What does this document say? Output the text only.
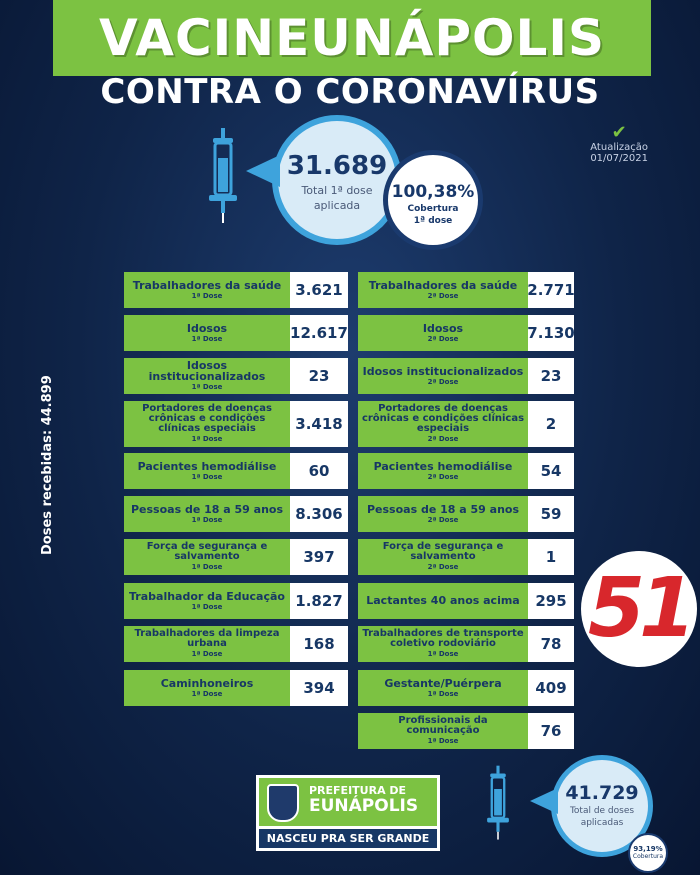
VACINEUNÁPOLIS
CONTRA O CORONAVÍRUS
✔
Atualização
01/07/2021
31.689
Total 1ª dose
aplicada
100,38%
Cobertura
1ª dose
Doses recebidas: 44.899
Trabalhadores da saúde
1ª Dose	3.621
Idosos
1ª Dose	12.617
Idosos institucionalizados
1ª Dose
23
Portadores de doenças crônicas e condições clínicas especiais
1ª Dose
3.418
Pacientes hemodiálise
1ª Dose	60
Pessoas de 18 a 59 anos
1ª Dose	8.306
Força de segurança e salvamento
1ª Dose
397
Trabalhador da Educação
1ª Dose	1.827
Trabalhadores da limpeza urbana
1ª Dose
168
Caminhoneiros
1ª Dose	394
Trabalhadores da saúde
2ª Dose	2.771
Idosos
2ª Dose	7.130
Idosos institucionalizados
2ª Dose	23
Portadores de doenças crônicas e condições clínicas especiais
2ª Dose
2
Pacientes hemodiálise
2ª Dose	54
Pessoas de 18 a 59 anos
2ª Dose	59
Força de segurança e salvamento
2ª Dose
1
Lactantes 40 anos acima	295
Trabalhadores de transporte coletivo rodoviário
1ª Dose
78
Gestante/Puérpera
1ª Dose	409
Profissionais da comunicação
1ª Dose
76
51
PREFEITURA DE
EUNÁPOLIS
NASCEU PRA SER GRANDE
41.729
Total de doses
aplicadas
93,19%
Cobertura
